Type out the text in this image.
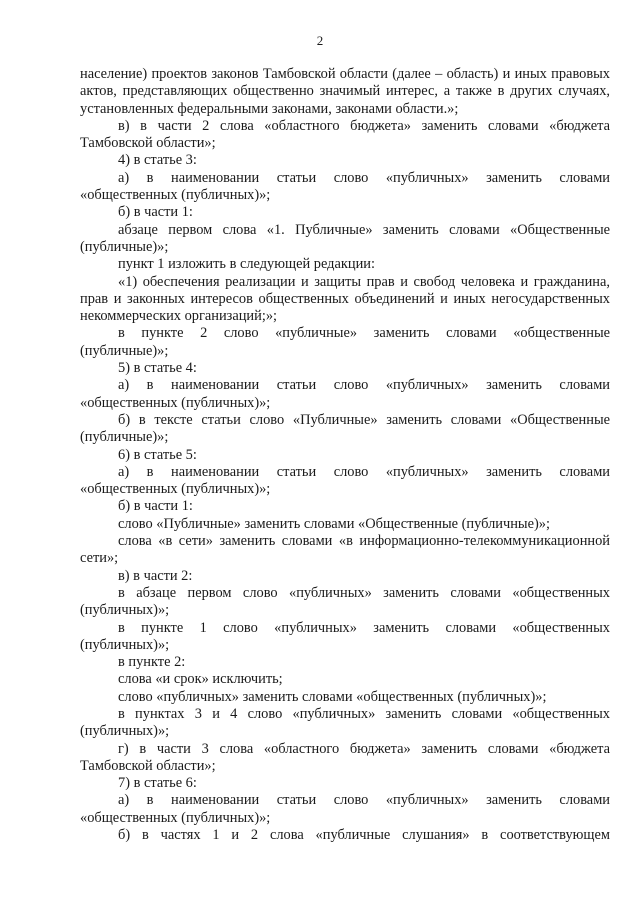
2

население) проектов законов Тамбовской области (далее – область) и иных правовых актов, представляющих общественно значимый интерес, а также в других случаях, установленных федеральными законами, законами области.»;

в) в части 2 слова «областного бюджета» заменить словами «бюджета Тамбовской области»;

4) в статье 3:

а) в наименовании статьи слово «публичных» заменить словами «общественных (публичных)»;

б) в части 1:

абзаце первом слова «1. Публичные» заменить словами «Общественные (публичные)»;

пункт 1 изложить в следующей редакции:

«1) обеспечения реализации и защиты прав и свобод человека и гражданина, прав и законных интересов общественных объединений и иных негосударственных некоммерческих организаций;»;

в пункте 2 слово «публичные» заменить словами «общественные (публичные)»;

5) в статье 4:

а) в наименовании статьи слово «публичных» заменить словами «общественных (публичных)»;

б) в тексте статьи слово «Публичные» заменить словами «Общественные (публичные)»;

6) в статье 5:

а) в наименовании статьи слово «публичных» заменить словами «общественных (публичных)»;

б) в части 1:

слово «Публичные» заменить словами «Общественные (публичные)»;

слова «в сети» заменить словами «в информационно-телекоммуникационной сети»;

в) в части 2:

в абзаце первом слово «публичных» заменить словами «общественных (публичных)»;

в пункте 1 слово «публичных» заменить словами «общественных (публичных)»;

в пункте 2:

слова «и срок» исключить;

слово «публичных» заменить словами «общественных (публичных)»;

в пунктах 3 и 4 слово «публичных» заменить словами «общественных (публичных)»;

г) в части 3 слова «областного бюджета» заменить словами «бюджета Тамбовской области»;

7) в статье 6:

а) в наименовании статьи слово «публичных» заменить словами «общественных (публичных)»;

б) в частях 1 и 2 слова «публичные слушания» в соответствующем
